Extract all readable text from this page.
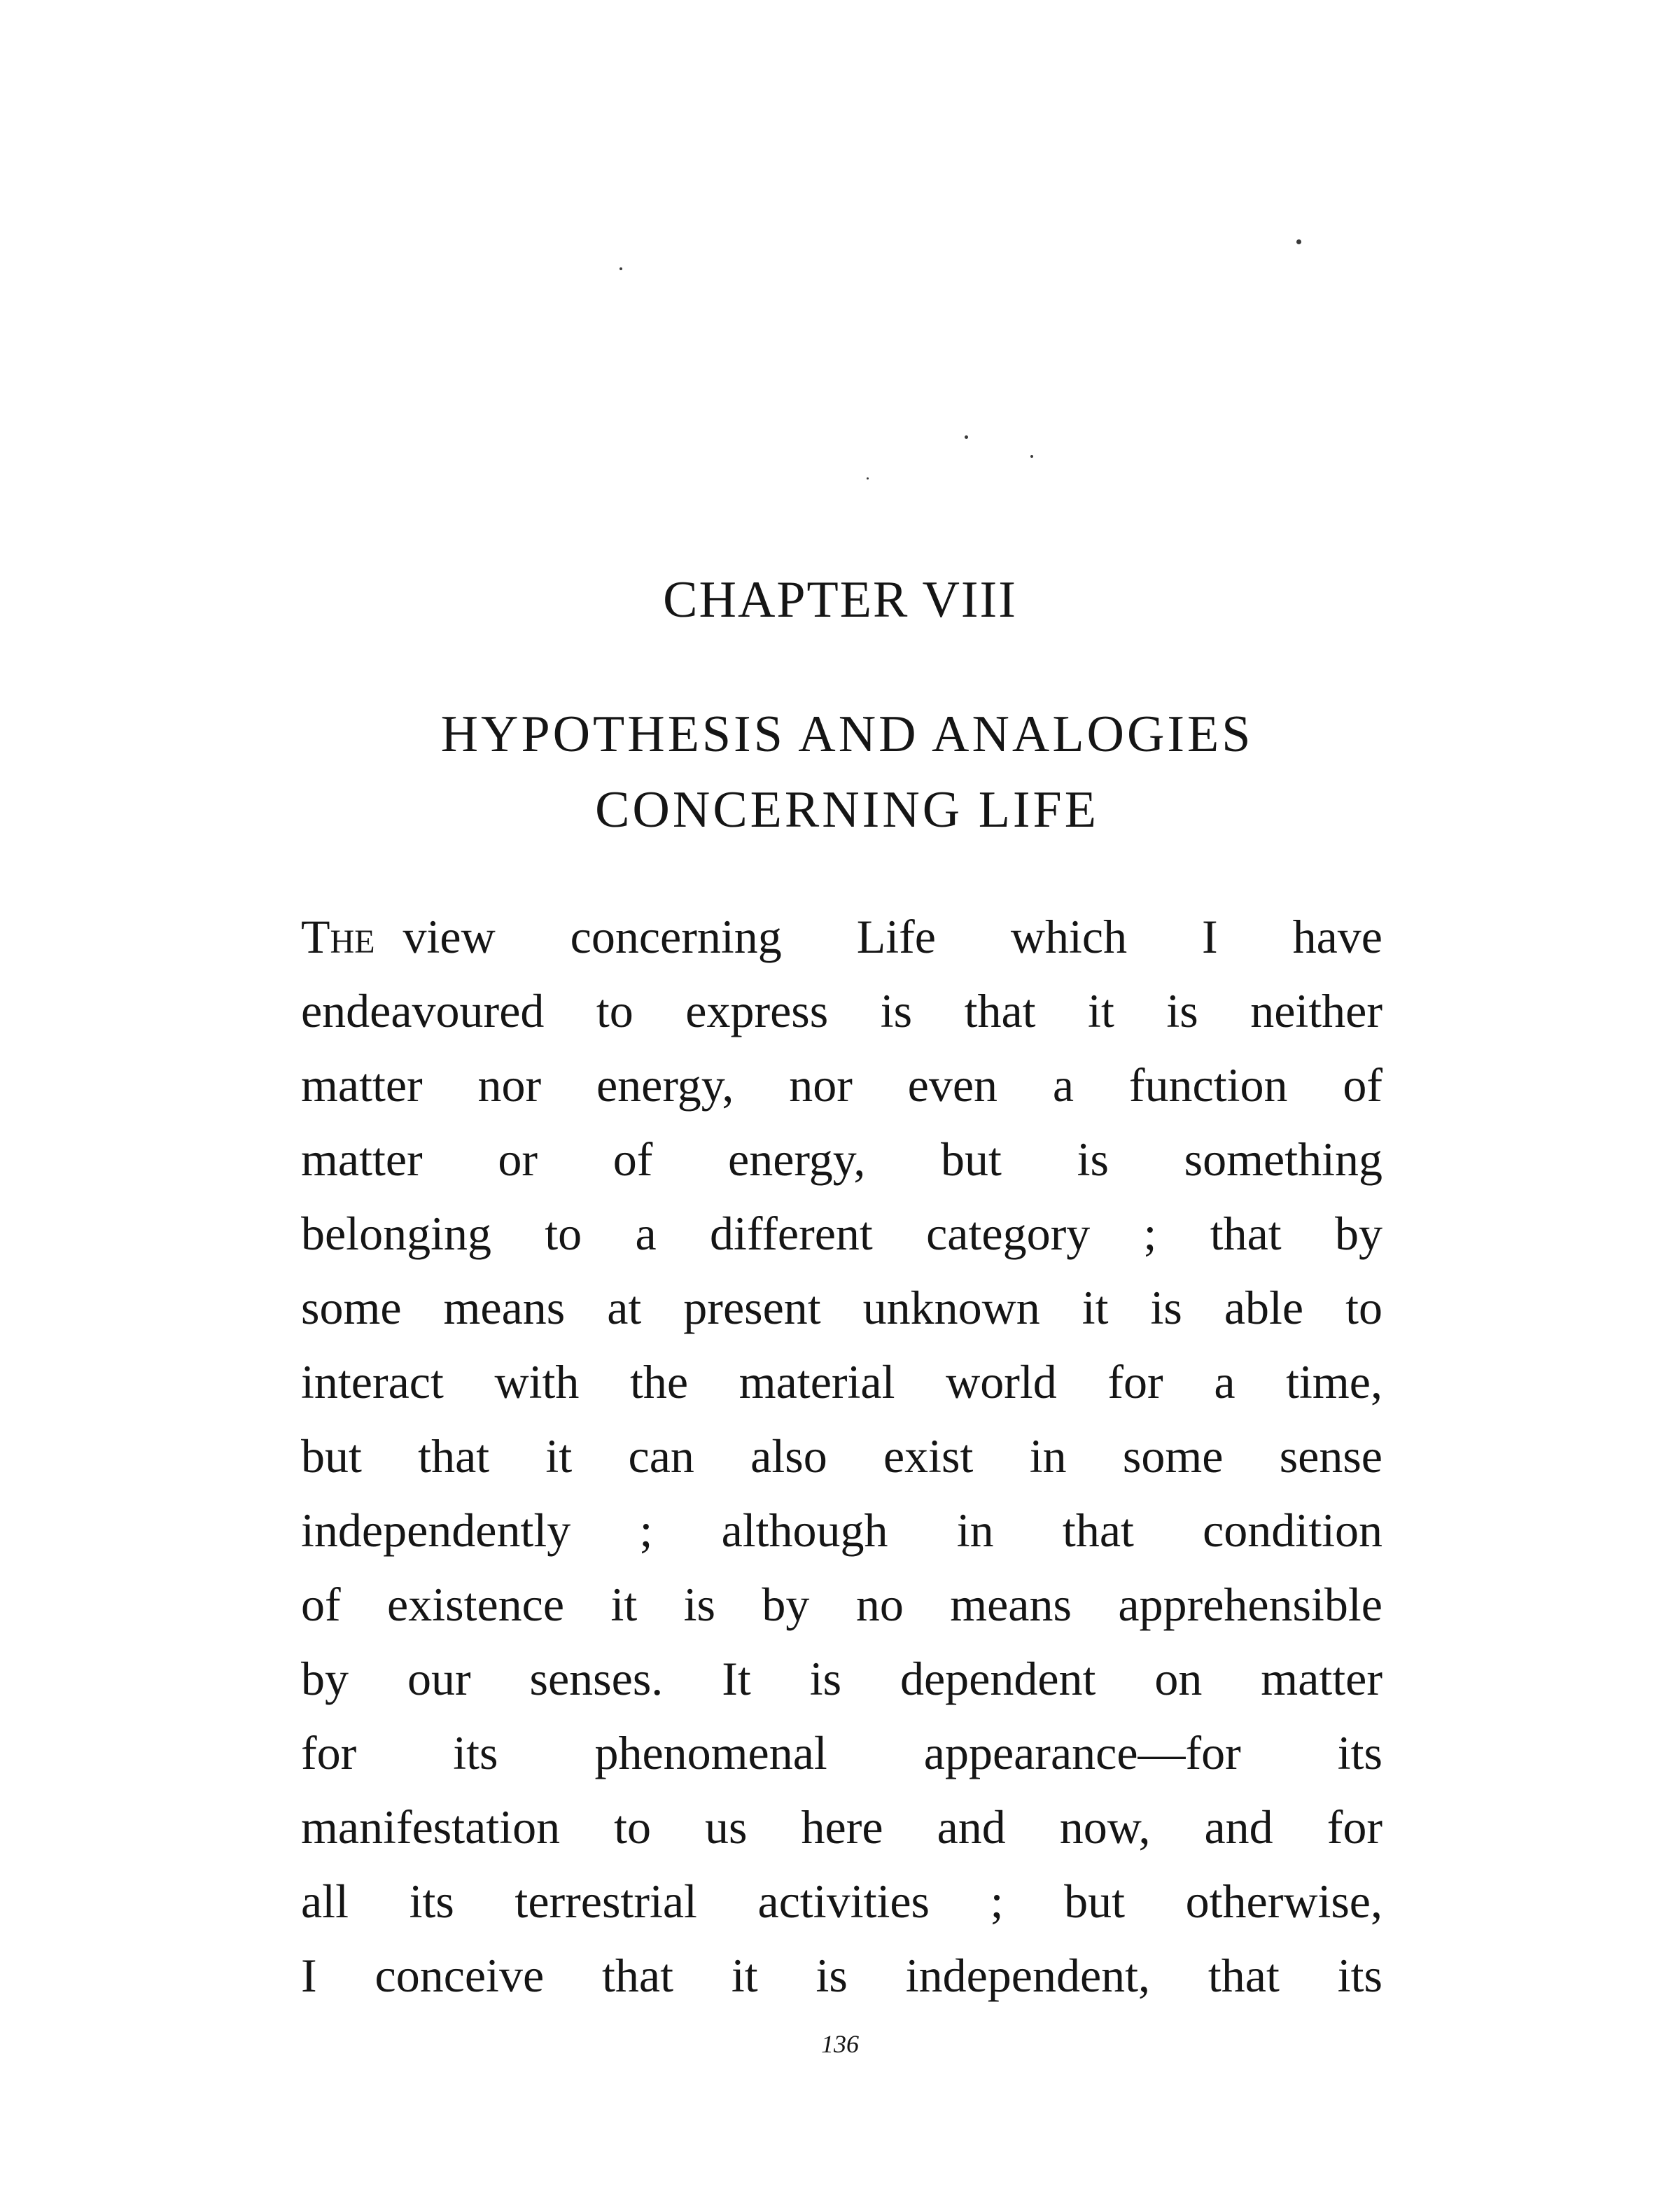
CHAPTER VIII
HYPOTHESIS AND ANALOGIES
CONCERNING LIFE
The view concerning Life which I have
endeavoured to express is that it is neither
matter nor energy, nor even a function of
matter or of energy, but is something
belonging to a different category ; that by
some means at present unknown it is able to
interact with the material world for a time,
but that it can also exist in some sense
independently ; although in that condition
of existence it is by no means apprehensible
by our senses. It is dependent on matter
for its phenomenal appearance—for its
manifestation to us here and now, and for
all its terrestrial activities ; but otherwise,
I conceive that it is independent, that its
136
